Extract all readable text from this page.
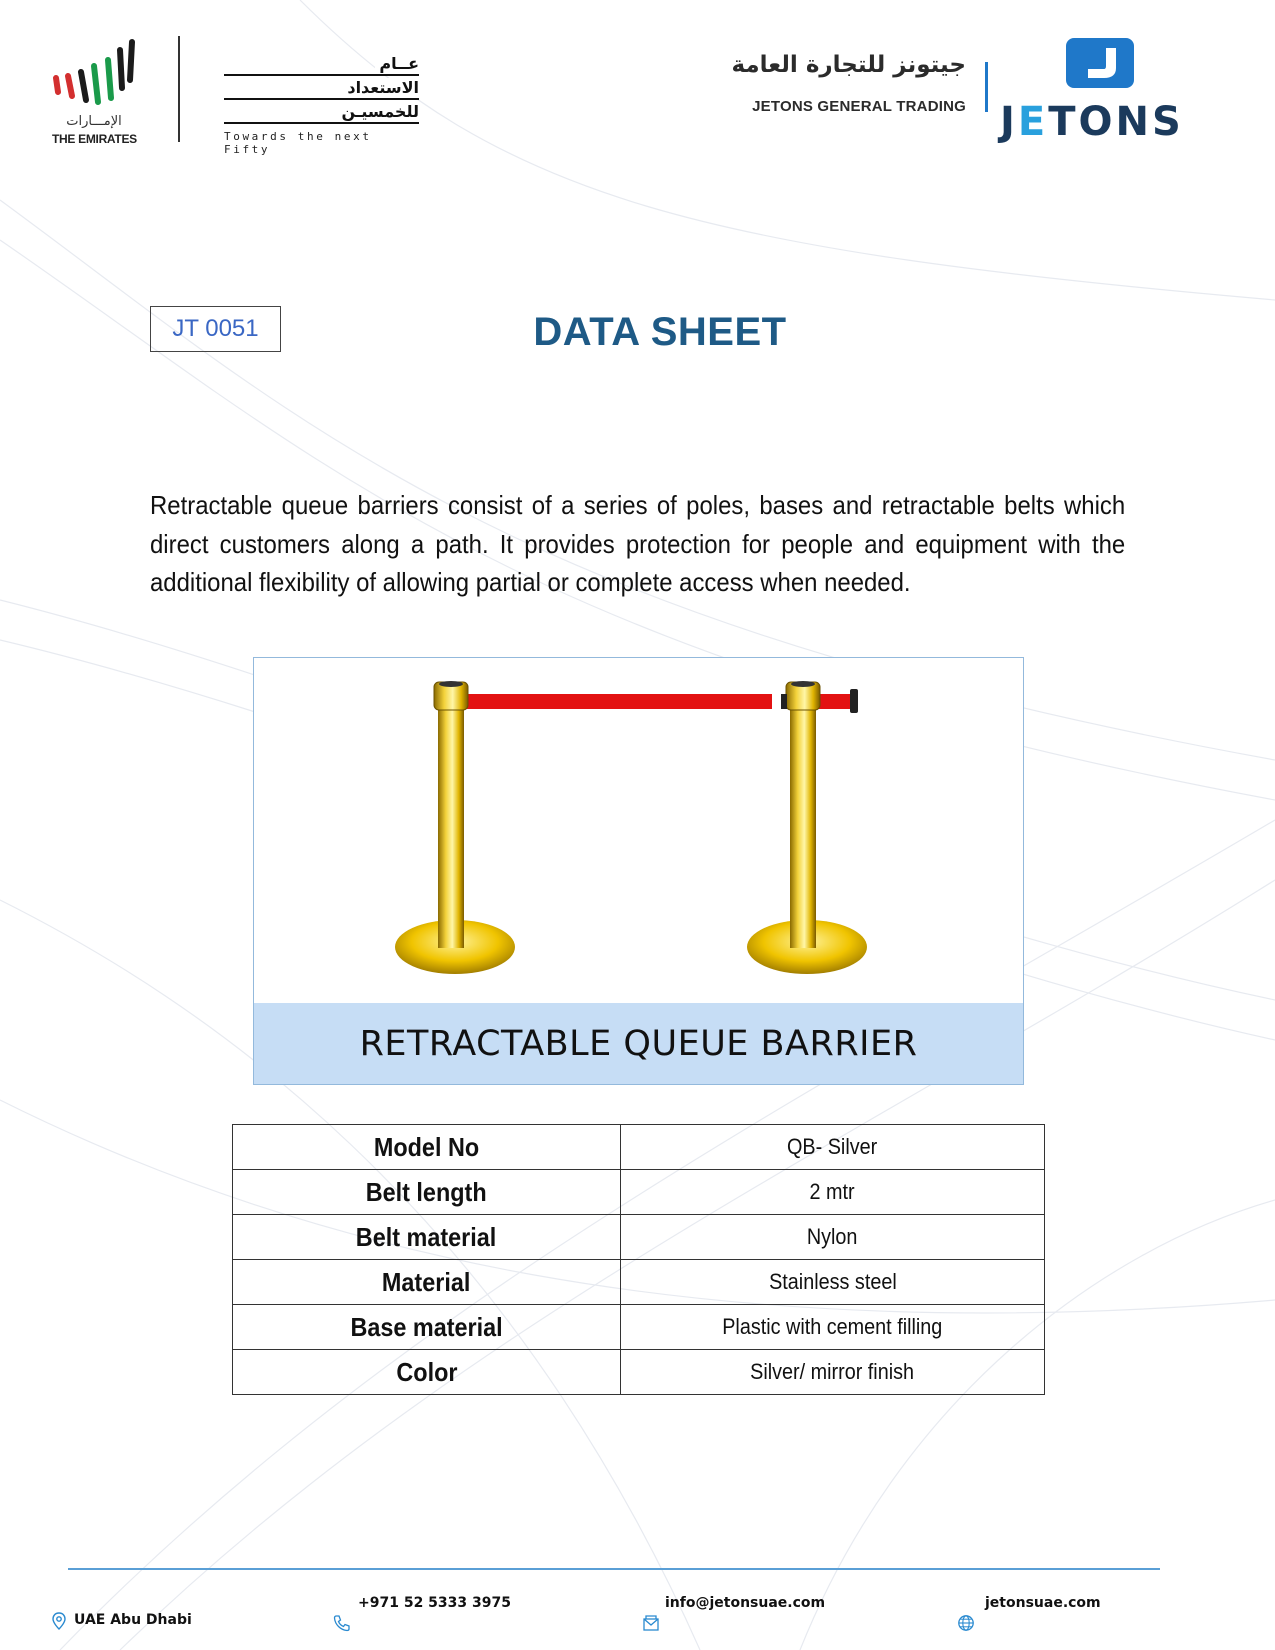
الإمـــارات
THE EMIRATES
عــام
الاستعداد
للخمسيـن
Towards the next Fifty
جيتونز للتجارة العامة
JETONS GENERAL TRADING JETONS
JT 0051	DATA SHEET
Retractable queue barriers consist of a series of poles, bases and retractable belts which direct customers along a path. It provides protection for people and equipment with the additional flexibility of allowing partial or complete access when needed.
RETRACTABLE QUEUE BARRIER
Model No	QB- Silver
Belt length	2 mtr
Belt material	Nylon
Material	Stainless steel
Base material	Plastic with cement filling
Color	Silver/ mirror finish
UAE Abu Dhabi
+971 52 5333 3975	info@jetonsuae.com	jetonsuae.com
